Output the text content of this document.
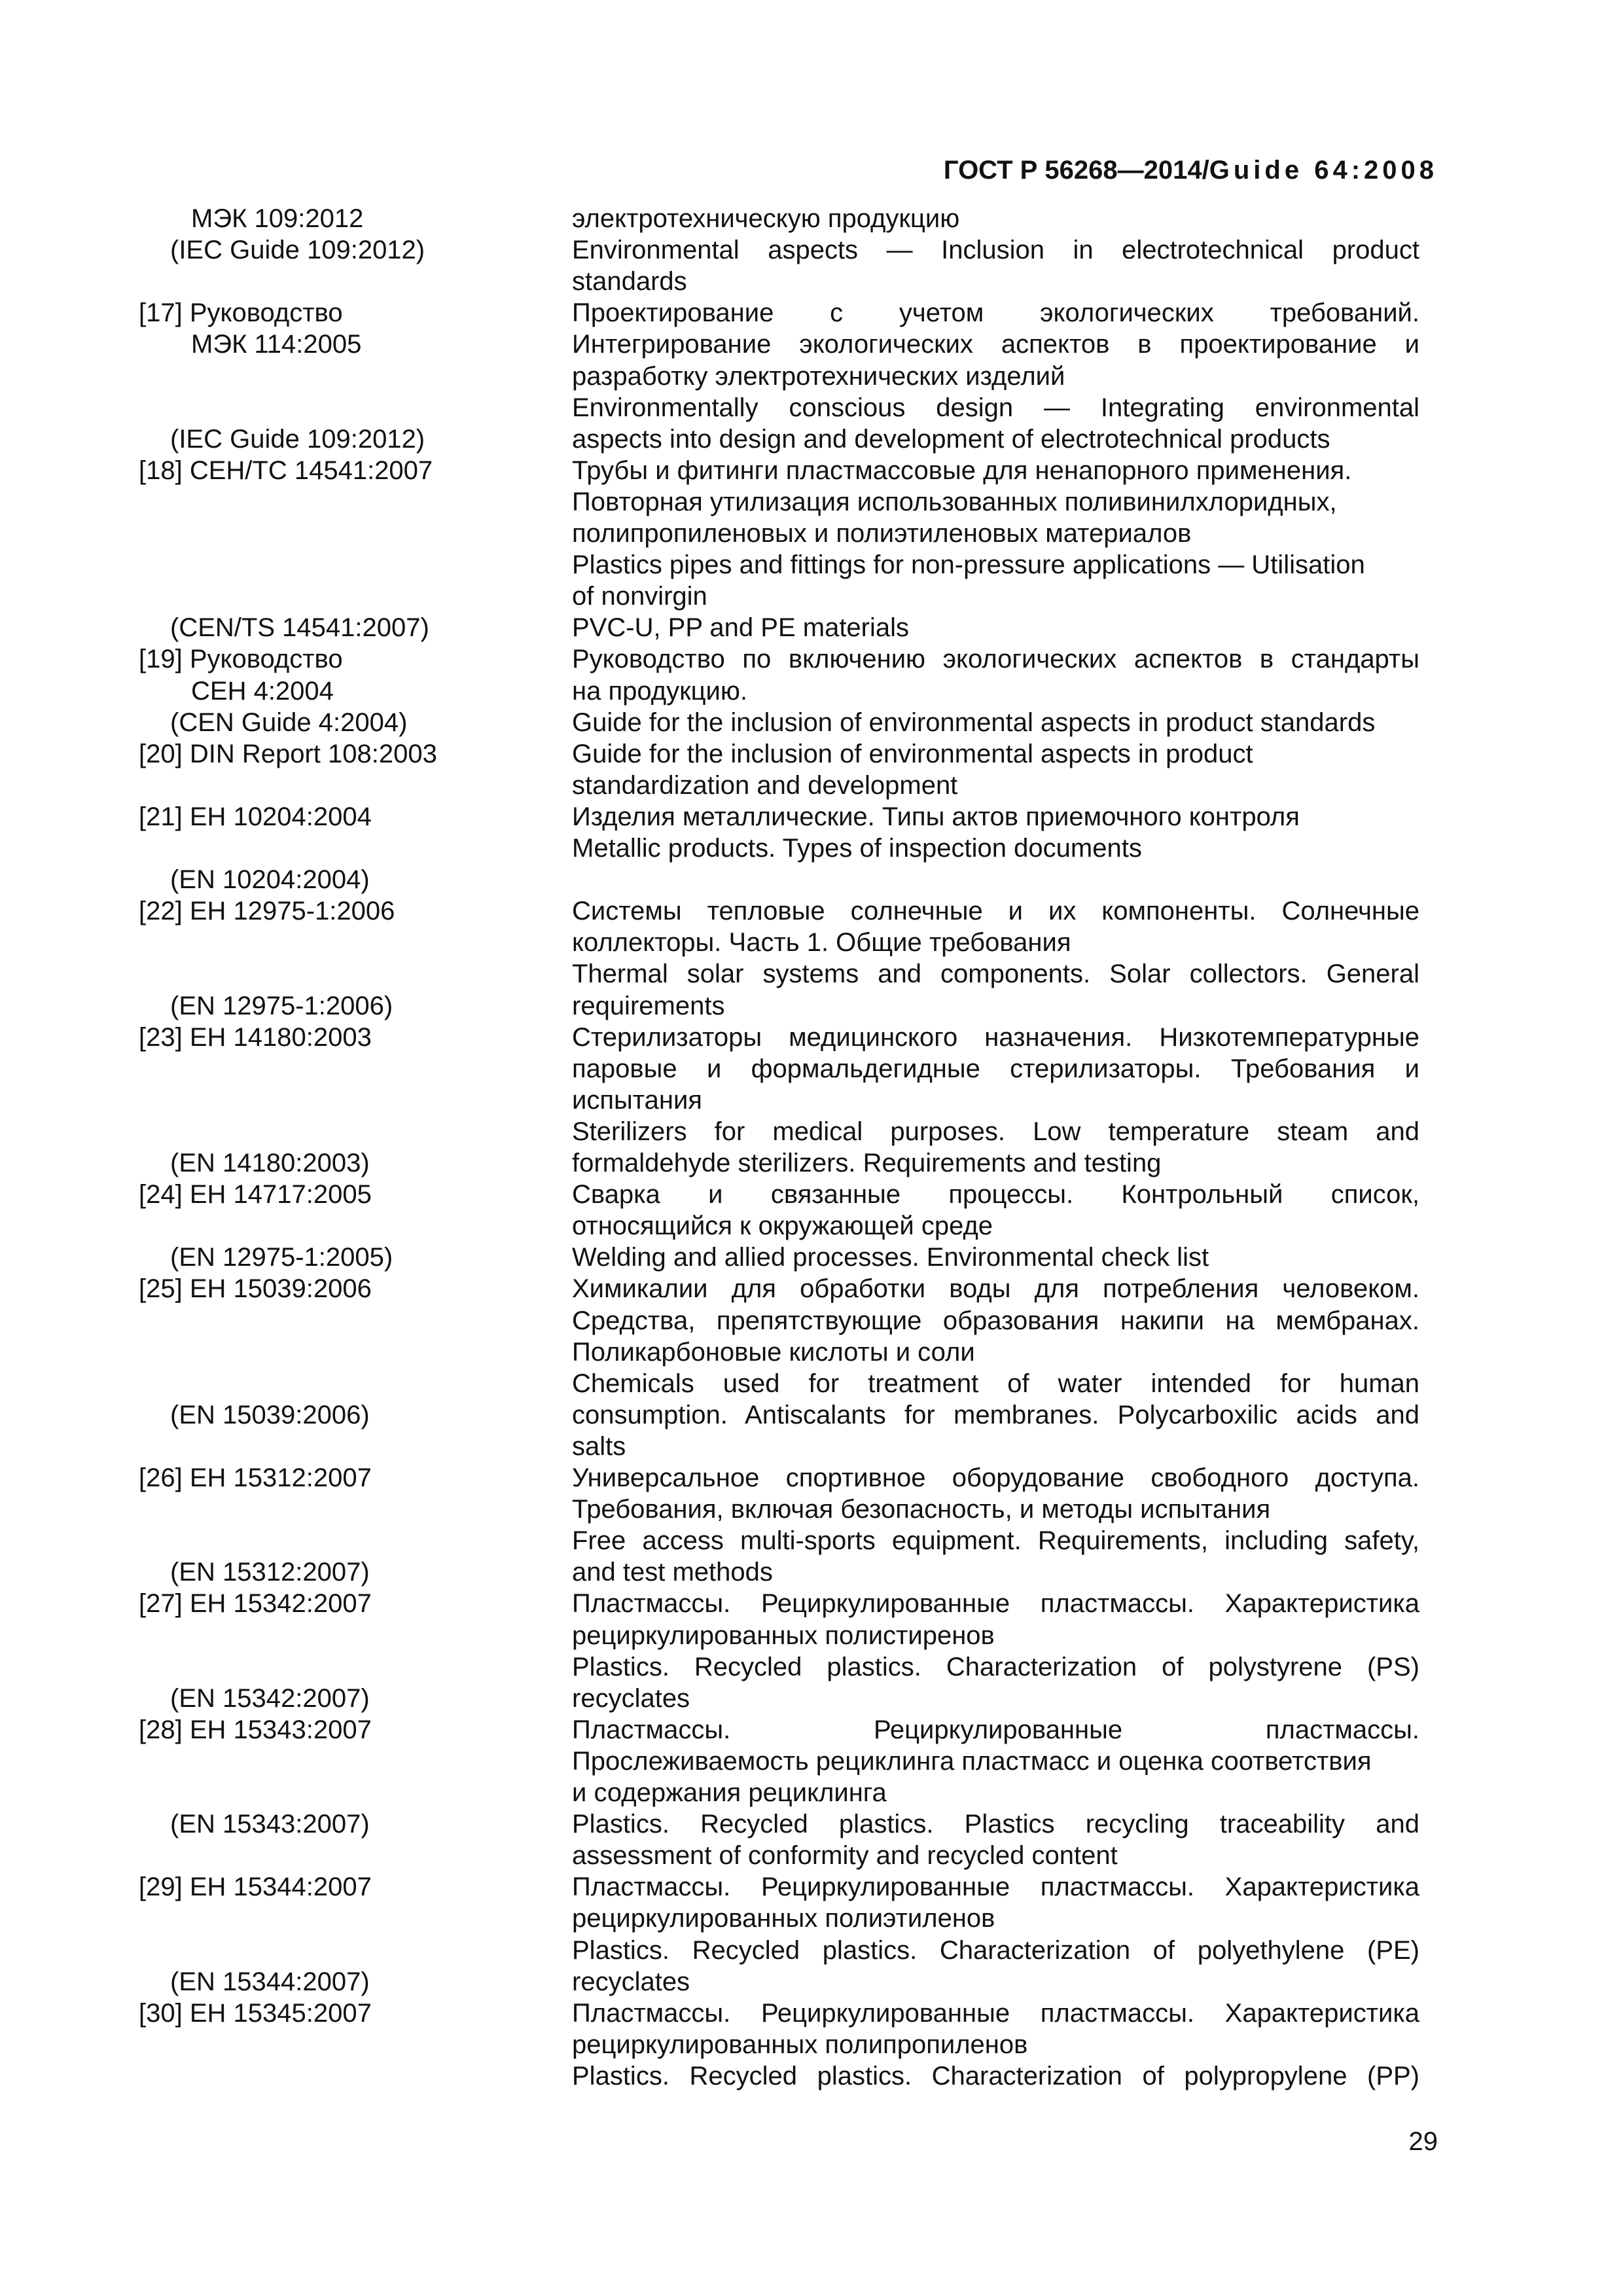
ГОСТ Р 56268—2014/Guide 64:2008
МЭК 109:2012	электротехническую продукцию
(IEC Guide 109:2012)	Environmental aspects — Inclusion in electrotechnical product
standards
[17] Руководство	Проектирование с учетом экологических требований.
МЭК 114:2005	Интегрирование экологических аспектов в проектирование и
разработку электротехнических изделий
Environmentally conscious design — Integrating environmental
(IEC Guide 109:2012)	aspects into design and development of electrotechnical products
[18] СЕН/ТС 14541:2007	Трубы и фитинги пластмассовые для ненапорного применения.
Повторная утилизация использованных поливинилхлоридных,
полипропиленовых и полиэтиленовых материалов
Plastics pipes and fittings for non-pressure applications — Utilisation
of nonvirgin
(CEN/TS 14541:2007)	PVC-U, PP and PE materials
[19] Руководство	Руководство по включению экологических аспектов в стандарты
СЕН 4:2004	на продукцию.
(CEN Guide 4:2004)	Guide for the inclusion of environmental aspects in product standards
[20] DIN Report 108:2003	Guide for the inclusion of environmental aspects in product
standardization and development
[21] ЕН 10204:2004	Изделия металлические. Типы актов приемочного контроля
Metallic products. Types of inspection documents
(EN 10204:2004)
[22] ЕН 12975-1:2006	Системы тепловые солнечные и их компоненты. Солнечные
коллекторы. Часть 1. Общие требования
Thermal solar systems and components. Solar collectors. General
(EN 12975-1:2006)	requirements
[23] ЕН 14180:2003	Стерилизаторы медицинского назначения. Низкотемпературные
паровые и формальдегидные стерилизаторы. Требования и
испытания
Sterilizers for medical purposes. Low temperature steam and
(EN 14180:2003)	formaldehyde sterilizers. Requirements and testing
[24] ЕН 14717:2005	Сварка и связанные процессы. Контрольный список,
относящийся к окружающей среде
(EN 12975-1:2005)	Welding and allied processes. Environmental check list
[25] ЕН 15039:2006	Химикалии для обработки воды для потребления человеком.
Средства, препятствующие образования накипи на мембранах.
Поликарбоновые кислоты и соли
Chemicals used for treatment of water intended for human
(EN 15039:2006)	consumption. Antiscalants for membranes. Polycarboxilic acids and
salts
[26] ЕН 15312:2007	Универсальное спортивное оборудование свободного доступа.
Требования, включая безопасность, и методы испытания
Free access multi-sports equipment. Requirements, including safety,
(EN 15312:2007)	and test methods
[27] ЕН 15342:2007	Пластмассы. Рециркулированные пластмассы. Характеристика
рециркулированных полистиренов
Plastics. Recycled plastics. Characterization of polystyrene (PS)
(EN 15342:2007)	recyclates
[28] ЕН 15343:2007	Пластмассы. Рециркулированные пластмассы.
Прослеживаемость рециклинга пластмасс и оценка соответствия
и содержания рециклинга
(EN 15343:2007)	Plastics. Recycled plastics. Plastics recycling traceability and
assessment of conformity and recycled content
[29] ЕН 15344:2007	Пластмассы. Рециркулированные пластмассы. Характеристика
рециркулированных полиэтиленов
Plastics. Recycled plastics. Characterization of polyethylene (PE)
(EN 15344:2007)	recyclates
[30] ЕН 15345:2007	Пластмассы. Рециркулированные пластмассы. Характеристика
рециркулированных полипропиленов
Plastics. Recycled plastics. Characterization of polypropylene (PP)
29
